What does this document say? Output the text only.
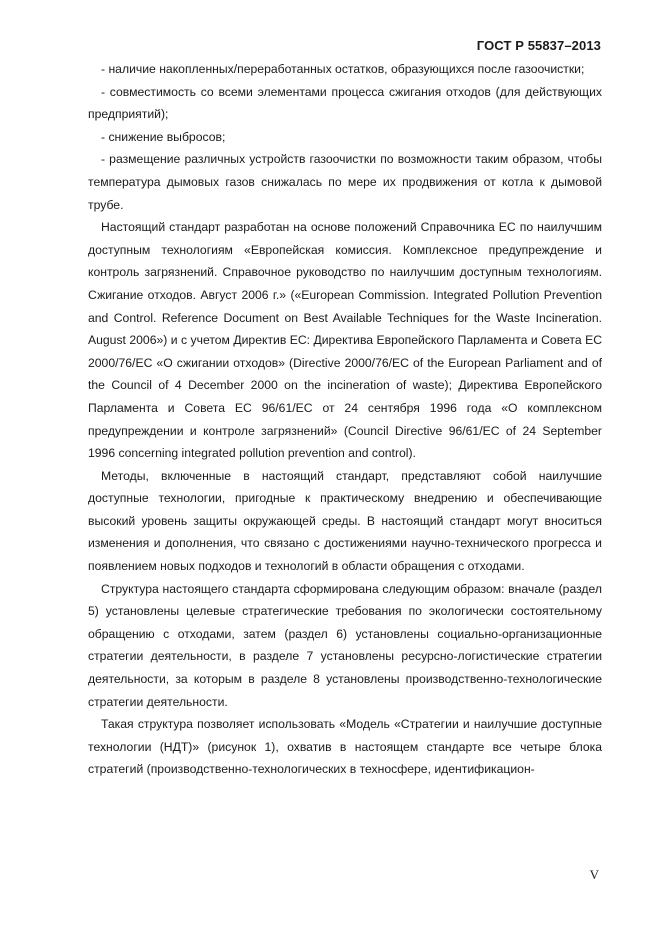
ГОСТ Р 55837–2013

- наличие накопленных/переработанных остатков, образующихся после газоочистки;

- совместимость со всеми элементами процесса сжигания отходов (для действующих предприятий);

- снижение выбросов;

- размещение различных устройств газоочистки по возможности таким образом, чтобы температура дымовых газов снижалась по мере их продвижения от котла к дымовой трубе.

Настоящий стандарт разработан на основе положений Справочника ЕС по наилучшим доступным технологиям «Европейская комиссия. Комплексное предупреждение и контроль загрязнений. Справочное руководство по наилучшим доступным технологиям. Сжигание отходов. Август 2006 г.» («European Commission. Integrated Pollution Prevention and Control. Reference Document on Best Available Techniques for the Waste Incineration. August 2006») и с учетом Директив ЕС: Директива Европейского Парламента и Совета ЕС 2000/76/ЕС «О сжигании отходов» (Directive 2000/76/EC of the European Parliament and of the Council of 4 December 2000 on the incineration of waste); Директива Европейского Парламента и Совета ЕС 96/61/ЕС от 24 сентября 1996 года «О комплексном предупреждении и контроле загрязнений» (Council Directive 96/61/EC of 24 September 1996 concerning integrated pollution prevention and control).

Методы, включенные в настоящий стандарт, представляют собой наилучшие доступные технологии, пригодные к практическому внедрению и обеспечивающие высокий уровень защиты окружающей среды. В настоящий стандарт могут вноситься изменения и дополнения, что связано с достижениями научно-технического прогресса и появлением новых подходов и технологий в области обращения с отходами.

Структура настоящего стандарта сформирована следующим образом: вначале (раздел 5) установлены целевые стратегические требования по экологически состоятельному обращению с отходами, затем (раздел 6) установлены социально-организационные стратегии деятельности, в разделе 7 установлены ресурсно-логистические стратегии деятельности, за которым в разделе 8 установлены производственно-технологические стратегии деятельности.

Такая структура позволяет использовать «Модель «Стратегии и наилучшие доступные технологии (НДТ)» (рисунок 1), охватив в настоящем стандарте все четыре блока стратегий (производственно-технологических в техносфере, идентификацион-

V
